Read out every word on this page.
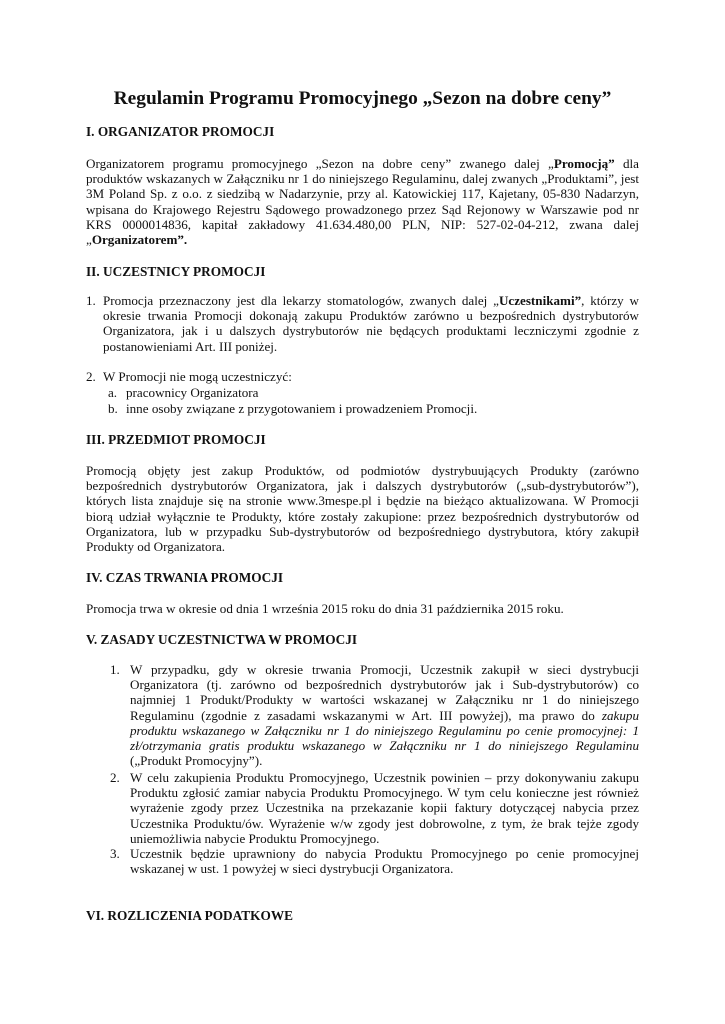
Regulamin Programu Promocyjnego „Sezon na dobre ceny”
I. ORGANIZATOR PROMOCJI
Organizatorem programu promocyjnego „Sezon na dobre ceny” zwanego dalej „Promocją” dla produktów wskazanych w Załączniku nr 1 do niniejszego Regulaminu, dalej zwanych „Produktami”, jest 3M Poland Sp. z o.o. z siedzibą w Nadarzynie, przy al. Katowickiej 117, Kajetany, 05-830 Nadarzyn, wpisana do Krajowego Rejestru Sądowego prowadzonego przez Sąd Rejonowy w Warszawie pod nr KRS 0000014836, kapitał zakładowy 41.634.480,00 PLN, NIP: 527-02-04-212, zwana dalej „Organizatorem”.
II. UCZESTNICY PROMOCJI
1. Promocja przeznaczony jest dla lekarzy stomatologów, zwanych dalej „Uczestnikami”, którzy w okresie trwania Promocji dokonają zakupu Produktów zarówno u bezpośrednich dystrybutorów Organizatora, jak i u dalszych dystrybutorów nie będących produktami leczniczymi zgodnie z postanowieniami Art. III poniżej.
2. W Promocji nie mogą uczestniczyć:
a. pracownicy Organizatora
b. inne osoby związane z przygotowaniem i prowadzeniem Promocji.
III. PRZEDMIOT PROMOCJI
Promocją objęty jest zakup Produktów, od podmiotów dystrybuujących Produkty (zarówno bezpośrednich dystrybutorów Organizatora, jak i dalszych dystrybutorów („sub-dystrybutorów”), których lista znajduje się na stronie www.3mespe.pl i będzie na bieżąco aktualizowana. W Promocji biorą udział wyłącznie te Produkty, które zostały zakupione: przez bezpośrednich dystrybutorów od Organizatora, lub w przypadku Sub-dystrybutorów od bezpośredniego dystrybutora, który zakupił Produkty od Organizatora.
IV. CZAS TRWANIA PROMOCJI
Promocja trwa w okresie od dnia 1 września 2015 roku do dnia 31 października 2015 roku.
V. ZASADY UCZESTNICTWA W PROMOCJI
1. W przypadku, gdy w okresie trwania Promocji, Uczestnik zakupił w sieci dystrybucji Organizatora (tj. zarówno od bezpośrednich dystrybutorów jak i Sub-dystrybutorów) co najmniej 1 Produkt/Produkty w wartości wskazanej w Załączniku nr 1 do niniejszego Regulaminu (zgodnie z zasadami wskazanymi w Art. III powyżej), ma prawo do zakupu produktu wskazanego w Załączniku nr 1 do niniejszego Regulaminu po cenie promocyjnej: 1 zł/otrzymania gratis produktu wskazanego w Załączniku nr 1 do niniejszego Regulaminu („Produkt Promocyjny”).
2. W celu zakupienia Produktu Promocyjnego, Uczestnik powinien – przy dokonywaniu zakupu Produktu zgłosić zamiar nabycia Produktu Promocyjnego. W tym celu konieczne jest również wyrażenie zgody przez Uczestnika na przekazanie kopii faktury dotyczącej nabycia przez Uczestnika Produktu/ów. Wyrażenie w/w zgody jest dobrowolne, z tym, że brak tejże zgody uniemożliwia nabycie Produktu Promocyjnego.
3. Uczestnik będzie uprawniony do nabycia Produktu Promocyjnego po cenie promocyjnej wskazanej w ust. 1 powyżej w sieci dystrybucji Organizatora.
VI. ROZLICZENIA PODATKOWE
